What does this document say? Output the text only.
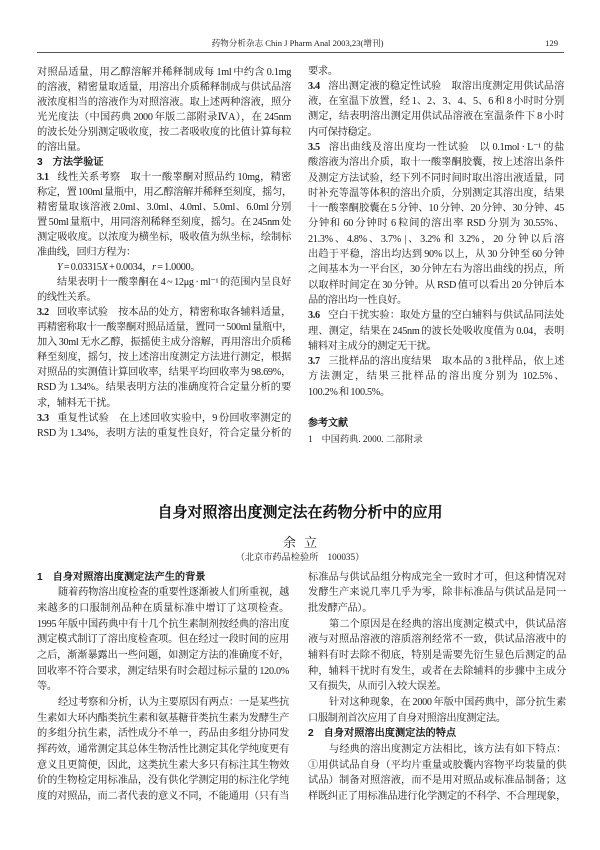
药物分析杂志 Chin J Pharm Anal 2003,23(增刊)	129
对照品适量，用乙醇溶解并稀释制成每 1ml 中约含 0.1mg
的溶液，精密量取适量，用溶出介质稀释制成与供试品溶
液浓度相当的溶液作为对照溶液。取上述两种溶液，照分
光光度法（中国药典 2000 年版二部附录ⅣA），在 245nm
的波长处分别测定吸收度，按二者吸收度的比值计算每粒
的溶出量。
3 方法学验证
3.1 线性关系考察 取十一酸睾酮对照品约 10mg，精密
称定，置 100ml 量瓶中，用乙醇溶解并稀释至刻度，摇匀，
精密量取该溶液 2.0ml、3.0ml、4.0ml、5.0ml、6.0ml 分别
置 50ml 量瓶中，用同溶剂稀释至刻度，摇匀。在 245nm 处
测定吸收度。以浓度为横坐标，吸收值为纵坐标，绘制标
准曲线，回归方程为：
Y = 0.03315X + 0.0034，r = 1.0000。
结果表明十一酸睾酮在 4 ~ 12μg · ml⁻¹ 的范围内呈良好
的线性关系。
3.2 回收率试验 按本品的处方，精密称取各辅料适量，
再精密称取十一酸睾酮对照品适量，置同一 500ml 量瓶中，
加入 30ml 无水乙醇，振摇使主成分溶解，再用溶出介质稀
释至刻度，摇匀，按上述溶出度测定方法进行测定，根据
对照品的实测值计算回收率，结果平均回收率为 98.69%，
RSD 为 1.34%。结果表明方法的准确度符合定量分析的要
求，辅料无干扰。
3.3 重复性试验 在上述回收实验中，9 份回收率测定的
RSD 为 1.34%，表明方法的重复性良好，符合定量分析的
要求。
3.4 溶出测定液的稳定性试验 取溶出度测定用供试品溶
液，在室温下放置，经 1、2、3、4、5、6 和 8 小时时分别
测定，结表明溶出测定用供试品溶液在室温条件下 8 小时
内可保持稳定。
3.5 溶出曲线及溶出度均一性试验 以 0.1mol · L⁻¹ 的盐
酸溶液为溶出介质，取十一酸睾酮胶囊，按上述溶出条件
及测定方法试验，经下列不同时间时取出溶出液适量，同
时补充等温等体积的溶出介质，分别测定其溶出度，结果
十一酸睾酮胶囊在 5 分钟、10 分钟、20 分钟、30 分钟、45
分钟和 60 分钟时 6 粒间的溶出率 RSD 分别为 30.55%、
21.3%、4.8%、3.7% |、3.2% 和 3.2%，20 分钟以后溶
出趋于平稳，溶出均达到 90% 以上，从 30 分钟至 60 分钟
之间基本为一平台区，30 分钟左右为溶出曲线的拐点，所
以取样时间定在 30 分钟。从 RSD 值可以看出 20 分钟后本
品的溶出均一性良好。
3.6 空白干扰实验：取处方量的空白辅料与供试品同法处
理、测定，结果在 245nm 的波长处吸收度值为 0.04，表明
辅料对主成分的测定无干扰。
3.7 三批样品的溶出度结果 取本品的 3 批样品，依上述
方法测定，结果三批样品的溶出度分别为 102.5%、
100.2% 和 100.5%。
参考文献
1 中国药典. 2000. 二部附录
自身对照溶出度测定法在药物分析中的应用
余立
（北京市药品检验所　100035）
1 自身对照溶出度测定法产生的背景
随着药物溶出度检查的重要性逐渐被人们所重视，越
来越多的口服制剂品种在质量标准中增订了这项检查。
1995 年版中国药典中有十几个抗生素制剂按经典的溶出度
测定模式制订了溶出度检查项。但在经过一段时间的应用
之后，渐渐暴露出一些问题，如测定方法的准确度不好，
回收率不符合要求，测定结果有时会超过标示量的 120.0%
等。
经过考察和分析，认为主要原因有两点：一是某些抗
生素如大环内酯类抗生素和氨基糖苷类抗生素为发酵生产
的多组分抗生素，活性成分不单一，药品由多组分协同发
挥药效，通常测定其总体生物活性比测定其化学纯度更有
意义且更简便，因此，这类抗生素大多只有标注其生物效
价的生物检定用标准品，没有供化学测定用的标注化学纯
度的对照品，而二者代表的意义不同，不能通用（只有当
标准品与供试品组分构成完全一致时才可，但这种情况对
发酵生产来说几率几乎为零，除非标准品与供试品是同一
批发酵产品）。
第二个原因是在经典的溶出度测定模式中，供试品溶
液与对照品溶液的溶质溶剂经常不一致，供试品溶液中的
辅料有时去除不彻底，特别是需要先衍生显色后测定的品
种，辅料干扰时有发生，或者在去除辅料的步骤中主成分
又有损失，从而引入较大误差。
针对这种现象，在 2000 年版中国药典中，部分抗生素
口服制剂首次应用了自身对照溶出度测定法。
2 自身对照溶出度测定法的特点
与经典的溶出度测定方法相比，该方法有如下特点：
①用供试品自身（平均片重量或胶囊内容物平均装量的供
试品）制备对照溶液，而不是用对照品或标准品制备；这
样既纠正了用标准品进行化学测定的不科学、不合理现象，
